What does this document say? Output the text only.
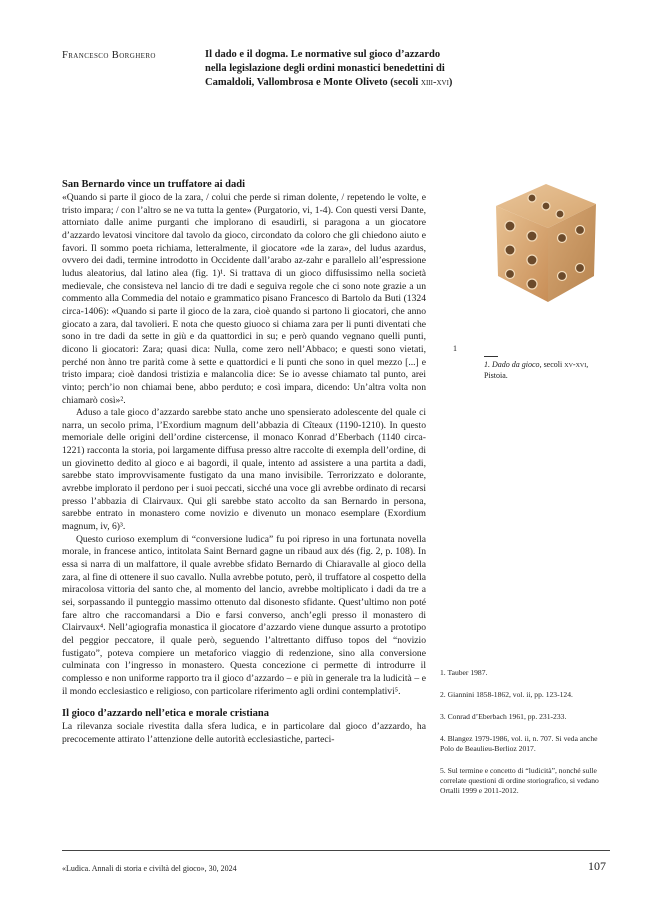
Francesco Borghero	Il dado e il dogma. Le normative sul gioco d’azzardo nella legislazione degli ordini monastici benedettini di Camaldoli, Vallombrosa e Monte Oliveto (secoli xiii-xvi)
San Bernardo vince un truffatore ai dadi

«Quando si parte il gioco de la zara, / colui che perde si riman dolente, / repetendo le volte, e tristo impara; / con l’altro se ne va tutta la gente» (Purgatorio, vi, 1-4). Con questi versi Dante, attorniato dalle anime purganti che implorano di esaudirli, si paragona a un giocatore d’azzardo levatosi vincitore dal tavolo da gioco, circondato da coloro che gli chiedono aiuto e favori. Il sommo poeta richiama, letteralmente, il giocatore «de la zara», del ludus azardus, ovvero dei dadi, termine introdotto in Occidente dall’arabo az-zahr e parallelo all’espressione ludus aleatorius, dal latino alea (fig. 1)¹. Si trattava di un gioco diffusissimo nella società medievale, che consisteva nel lancio di tre dadi e seguiva regole che ci sono note grazie a un commento alla Commedia del notaio e grammatico pisano Francesco di Bartolo da Buti (1324 circa-1406): «Quando si parte il gioco de la zara, cioè quando si partono li giocatori, che anno giocato a zara, dal tavolieri. E nota che questo giuoco si chiama zara per li punti diventati che sono in tre dadi da sette in giù e da quattordici in su; e però quando vegnano quelli punti, dicono li giocatori: Zara; quasi dica: Nulla, come zero nell’Abbaco; e questi sono vietati, perché non ànno tre parità come à sette e quattordici e li punti che sono in quel mezzo [...] e tristo impara; cioè dandosi tristizia e malancolia dice: Se io avesse chiamato tal punto, arei vinto; perch’io non chiamai bene, abbo perduto; e così impara, dicendo: Un’altra volta non chiamarò così»².

Aduso a tale gioco d’azzardo sarebbe stato anche uno spensierato adolescente del quale ci narra, un secolo prima, l’Exordium magnum dell’abbazia di Cîteaux (1190-1210). In questo memoriale delle origini dell’ordine cistercense, il monaco Konrad d’Eberbach (1140 circa-1221) racconta la storia, poi largamente diffusa presso altre raccolte di exempla dell’ordine, di un giovinetto dedito al gioco e ai bagordi, il quale, intento ad assistere a una partita a dadi, sarebbe stato improvvisamente fustigato da una mano invisibile. Terrorizzato e dolorante, avrebbe implorato il perdono per i suoi peccati, sicché una voce gli avrebbe ordinato di recarsi presso l’abbazia di Clairvaux. Qui gli sarebbe stato accolto da san Bernardo in persona, sarebbe entrato in monastero come novizio e divenuto un monaco esemplare (Exordium magnum, iv, 6)³.

Questo curioso exemplum di “conversione ludica” fu poi ripreso in una fortunata novella morale, in francese antico, intitolata Saint Bernard gagne un ribaud aux dés (fig. 2, p. 108). In essa si narra di un malfattore, il quale avrebbe sfidato Bernardo di Chiaravalle al gioco della zara, al fine di ottenere il suo cavallo. Nulla avrebbe potuto, però, il truffatore al cospetto della miracolosa vittoria del santo che, al momento del lancio, avrebbe moltiplicato i dadi da tre a sei, sorpassando il punteggio massimo ottenuto dal disonesto sfidante. Quest’ultimo non poté fare altro che raccomandarsi a Dio e farsi converso, anch’egli presso il monastero di Clairvaux⁴. Nell’agiografia monastica il giocatore d’azzardo viene dunque assurto a prototipo del peggior peccatore, il quale però, seguendo l’altrettanto diffuso topos del “novizio fustigato”, poteva compiere un metaforico viaggio di redenzione, sino alla conversione culminata con l’ingresso in monastero. Questa concezione ci permette di introdurre il complesso e non uniforme rapporto tra il gioco d’azzardo – e più in generale tra la ludicità – e il mondo ecclesiastico e religioso, con particolare riferimento agli ordini contemplativi⁵.

Il gioco d’azzardo nell’etica e morale cristiana

La rilevanza sociale rivestita dalla sfera ludica, e in particolare dal gioco d’azzardo, ha precocemente attirato l’attenzione delle autorità ecclesiastiche, parteci-

1
1. Dado da gioco, secoli xv-xvi, Pistoia.
1. Tauber 1987.
2. Giannini 1858-1862, vol. ii, pp. 123-124.
3. Conrad d’Eberbach 1961, pp. 231-233.
4. Blangez 1979-1986, vol. ii, n. 707. Si veda anche Polo de Beaulieu-Berlioz 2017.
5. Sul termine e concetto di “ludicità”, nonché sulle correlate questioni di ordine storiografico, si vedano Ortalli 1999 e 2011-2012.
«Ludica. Annali di storia e civiltà del gioco», 30, 2024	107
